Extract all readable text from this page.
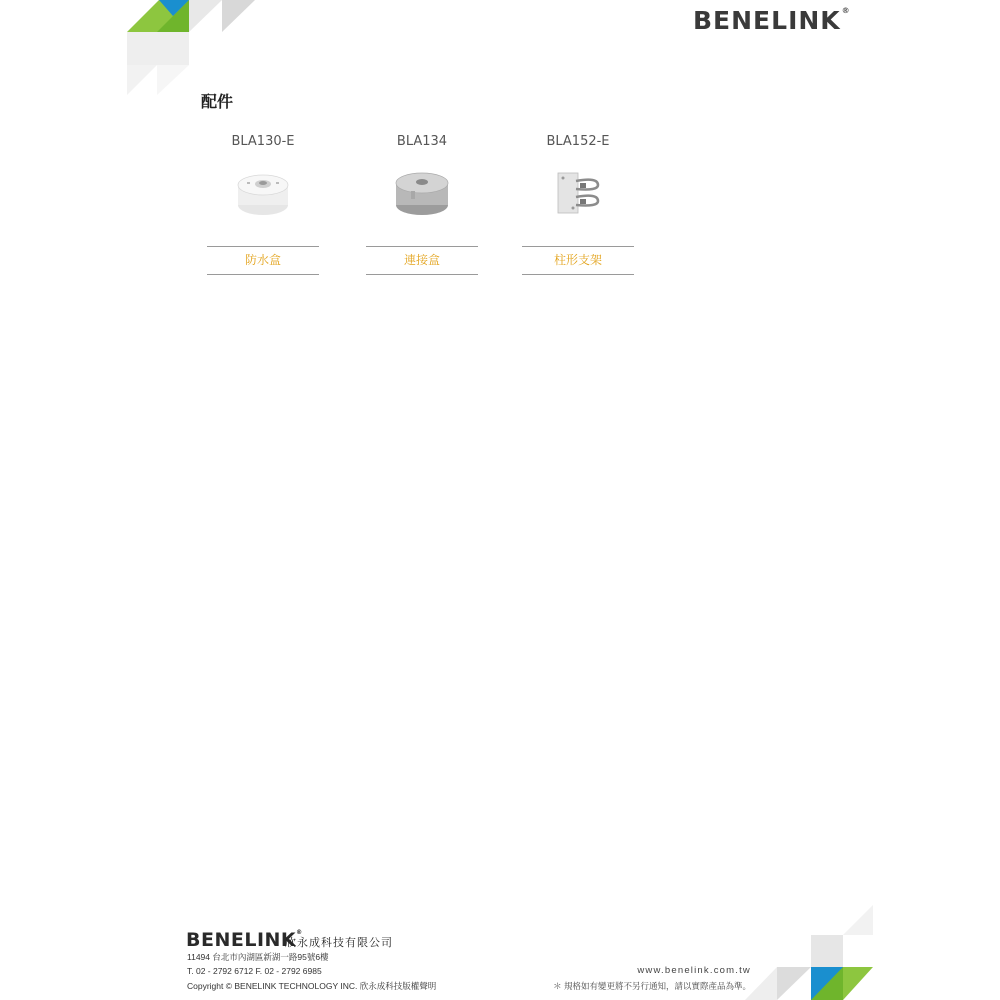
BENELINK®
配件
BLA130-E
防水盒
BLA134
連接盒
BLA152-E
柱形支架
BENELINK®
欣永成科技有限公司
11494 台北市內湖區新湖一路95號6樓
T. 02 - 2792 6712 F. 02 - 2792 6985
Copyright © BENELINK TECHNOLOGY INC. 欣永成科技版權聲明
www.benelink.com.tw
＊ 規格如有變更將不另行通知，請以實際產品為準。
